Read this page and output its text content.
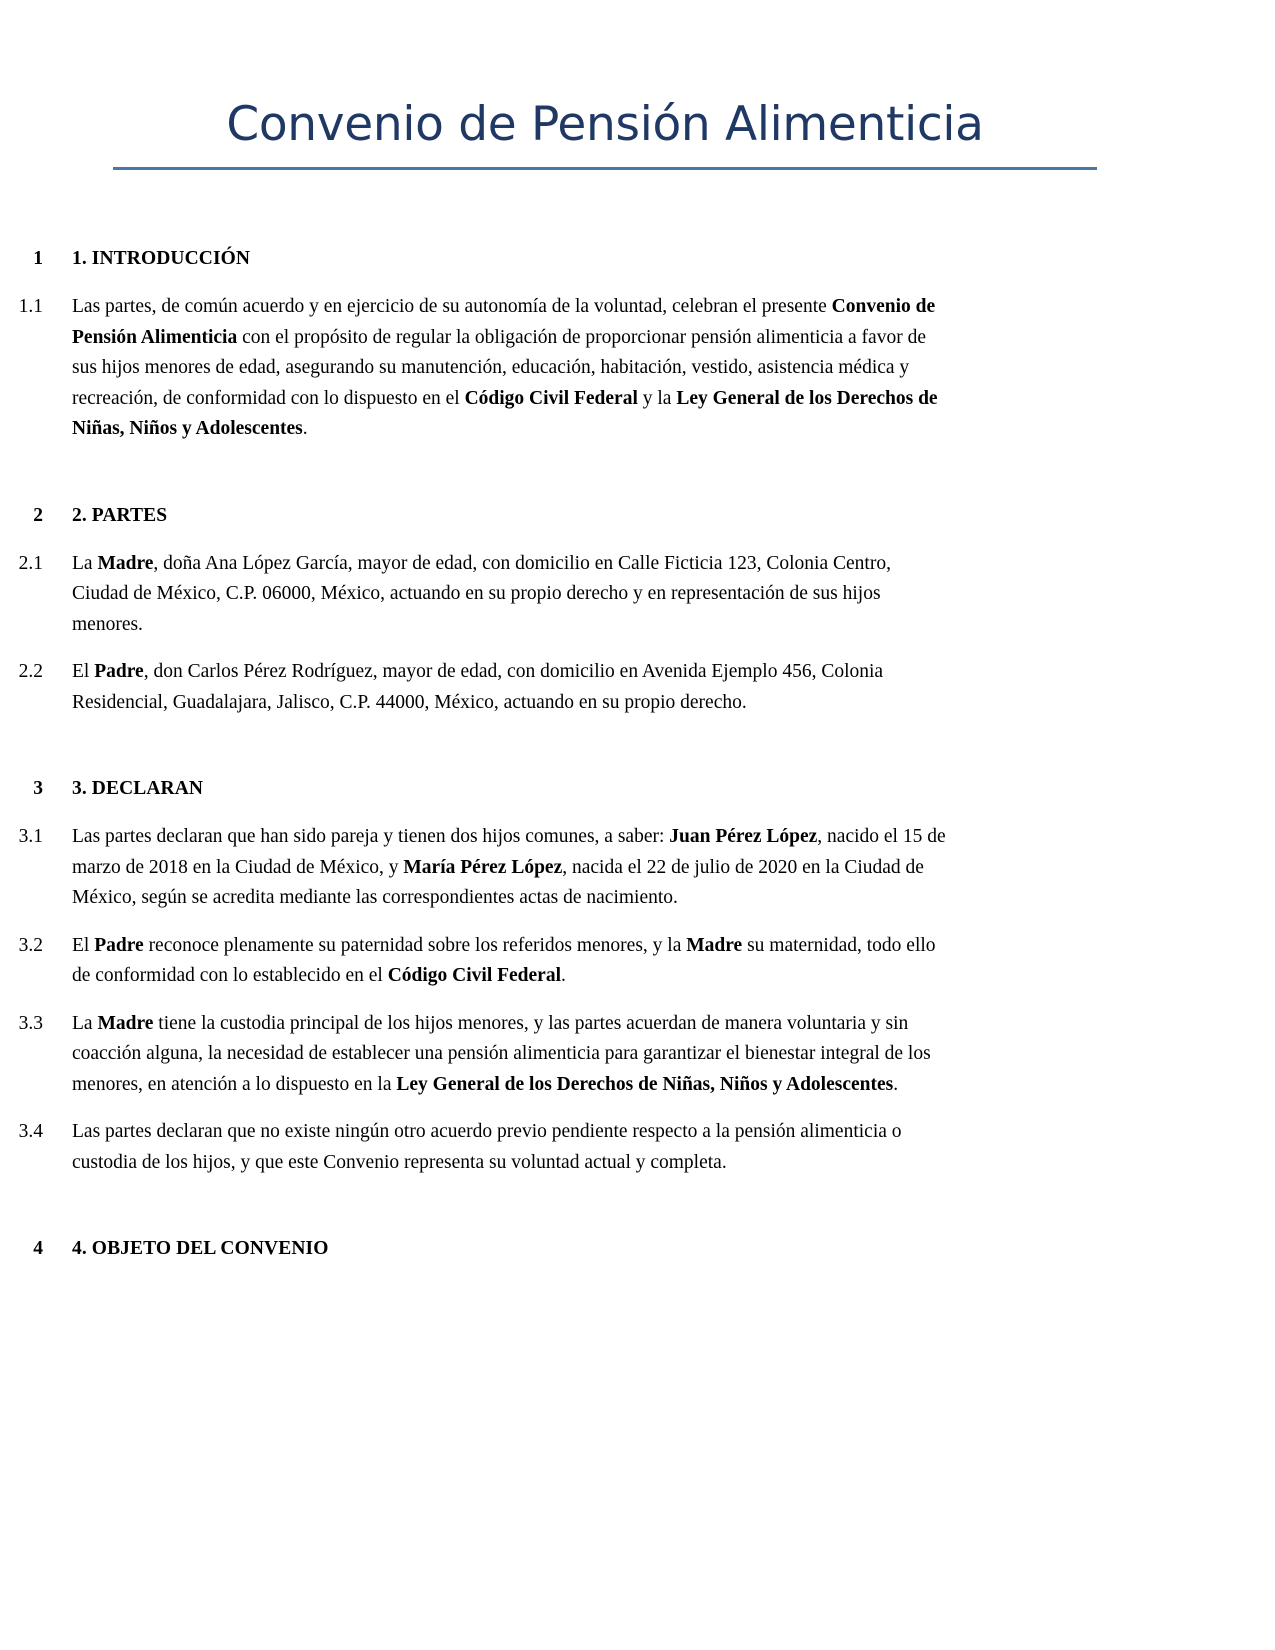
Convenio de Pensión Alimenticia
1 1. INTRODUCCIÓN
1.1 Las partes, de común acuerdo y en ejercicio de su autonomía de la voluntad, celebran el presente Convenio de Pensión Alimenticia con el propósito de regular la obligación de proporcionar pensión alimenticia a favor de sus hijos menores de edad, asegurando su manutención, educación, habitación, vestido, asistencia médica y recreación, de conformidad con lo dispuesto en el Código Civil Federal y la Ley General de los Derechos de Niñas, Niños y Adolescentes.
2 2. PARTES
2.1 La Madre, doña Ana López García, mayor de edad, con domicilio en Calle Ficticia 123, Colonia Centro, Ciudad de México, C.P. 06000, México, actuando en su propio derecho y en representación de sus hijos menores.
2.2 El Padre, don Carlos Pérez Rodríguez, mayor de edad, con domicilio en Avenida Ejemplo 456, Colonia Residencial, Guadalajara, Jalisco, C.P. 44000, México, actuando en su propio derecho.
3 3. DECLARAN
3.1 Las partes declaran que han sido pareja y tienen dos hijos comunes, a saber: Juan Pérez López, nacido el 15 de marzo de 2018 en la Ciudad de México, y María Pérez López, nacida el 22 de julio de 2020 en la Ciudad de México, según se acredita mediante las correspondientes actas de nacimiento.
3.2 El Padre reconoce plenamente su paternidad sobre los referidos menores, y la Madre su maternidad, todo ello de conformidad con lo establecido en el Código Civil Federal.
3.3 La Madre tiene la custodia principal de los hijos menores, y las partes acuerdan de manera voluntaria y sin coacción alguna, la necesidad de establecer una pensión alimenticia para garantizar el bienestar integral de los menores, en atención a lo dispuesto en la Ley General de los Derechos de Niñas, Niños y Adolescentes.
3.4 Las partes declaran que no existe ningún otro acuerdo previo pendiente respecto a la pensión alimenticia o custodia de los hijos, y que este Convenio representa su voluntad actual y completa.
4 4. OBJETO DEL CONVENIO
